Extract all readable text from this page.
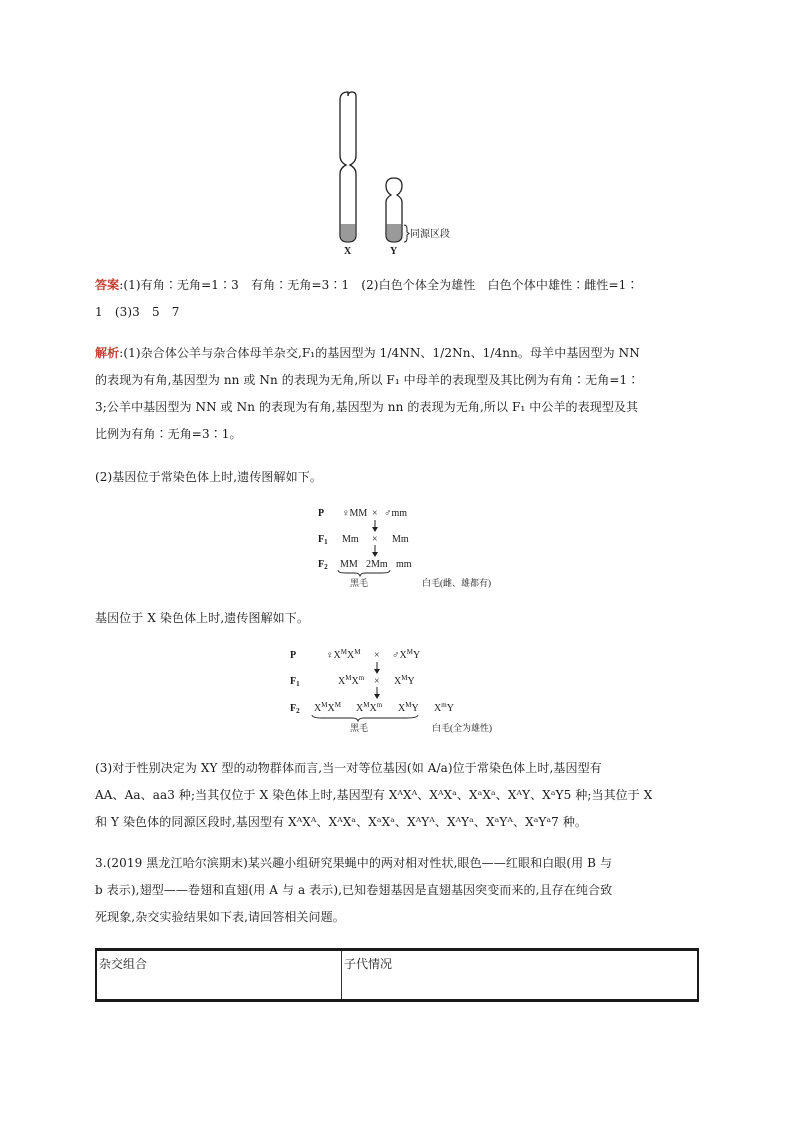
同源区段
X	Y
答案:(1)有角∶无角=1∶3　有角∶无角=3∶1　(2)白色个体全为雄性　白色个体中雄性∶雌性=1∶
1　(3)3　5　7
解析:(1)杂合体公羊与杂合体母羊杂交,F₁的基因型为 1/4NN、1/2Nn、1/4nn。母羊中基因型为 NN
的表现为有角,基因型为 nn 或 Nn 的表现为无角,所以 F₁ 中母羊的表现型及其比例为有角∶无角=1∶
3;公羊中基因型为 NN 或 Nn 的表现为有角,基因型为 nn 的表现为无角,所以 F₁ 中公羊的表现型及其
比例为有角∶无角=3∶1。
(2)基因位于常染色体上时,遗传图解如下。
P ♀MM × ♂mm
$F_1$ Mm × Mm
$F_2$ MM 2Mm mm
黑毛	白毛(雌、雄都有)
基因位于 X 染色体上时,遗传图解如下。
P	$♀X^MX^M$ × $♂X^MY$
$F_1$	$X^MX^m \times X^MY$
$F_2$ $X^MX^M$ $X^MX^m$ $X^MY$ $X^mY$
黑毛	白毛(全为雄性)
(3)对于性别决定为 XY 型的动物群体而言,当一对等位基因(如 A/a)位于常染色体上时,基因型有
AA、Aa、aa3 种;当其仅位于 X 染色体上时,基因型有 XᴬXᴬ、XᴬXᵃ、XᵃXᵃ、XᴬY、XᵃY5 种;当其位于 X
和 Y 染色体的同源区段时,基因型有 XᴬXᴬ、XᴬXᵃ、XᵃXᵃ、XᴬYᴬ、XᴬYᵃ、XᵃYᴬ、XᵃYᵃ7 种。
3.(2019 黑龙江哈尔滨期末)某兴趣小组研究果蝇中的两对相对性状,眼色——红眼和白眼(用 B 与
b 表示),翅型——卷翅和直翅(用 A 与 a 表示),已知卷翅基因是直翅基因突变而来的,且存在纯合致
死现象,杂交实验结果如下表,请回答相关问题。
杂交组合	子代情况
